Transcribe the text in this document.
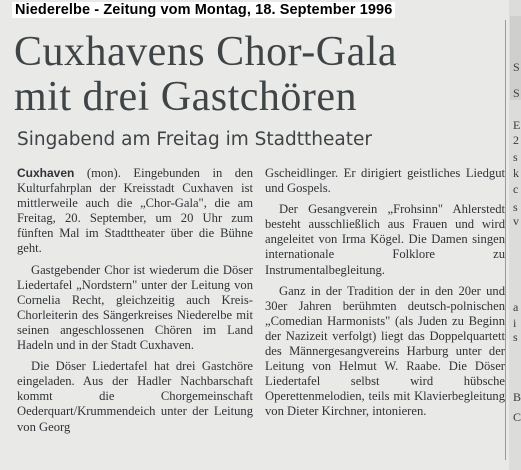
Niederelbe - Zeitung vom Montag, 18. September 1996
Cuxhavens Chor-Gala
mit drei Gastchören
Singabend am Freitag im Stadttheater

Cuxhaven (mon). Eingebunden in den Kulturfahrplan der Kreisstadt Cuxhaven ist mittlerweile auch die „Chor-Gala", die am Freitag, 20. September, um 20 Uhr zum fünften Mal im Stadttheater über die Bühne geht.

Gastgebender Chor ist wiederum die Döser Liedertafel „Nordstern" unter der Leitung von Cornelia Recht, gleichzeitig auch Kreis-Chorleiterin des Sängerkreises Niederelbe mit seinen angeschlossenen Chören im Land Hadeln und in der Stadt Cuxhaven.

Die Döser Liedertafel hat drei Gastchöre eingeladen. Aus der Hadler Nachbarschaft kommt die Chorgemeinschaft Oederquart/Krummendeich unter der Leitung von Georg

Gscheidlinger. Er dirigiert geistliches Liedgut und Gospels.

Der Gesangverein „Frohsinn" Ahlerstedt besteht ausschließlich aus Frauen und wird angeleitet von Irma Kögel. Die Damen singen internationale Folklore zu Instrumentalbegleitung.

Ganz in der Tradition der in den 20er und 30er Jahren berühmten deutsch-polnischen „Comedian Harmonists" (als Juden zu Beginn der Nazizeit verfolgt) liegt das Doppelquartett des Männergesangvereins Harburg unter der Leitung von Helmut W. Raabe. Die Döser Liedertafel selbst wird hübsche Operettenmelodien, teils mit Klavierbegleitung von Dieter Kirchner, intonieren.

S
S
E
2
s
k
c
s
v
a
i
s
B
C
